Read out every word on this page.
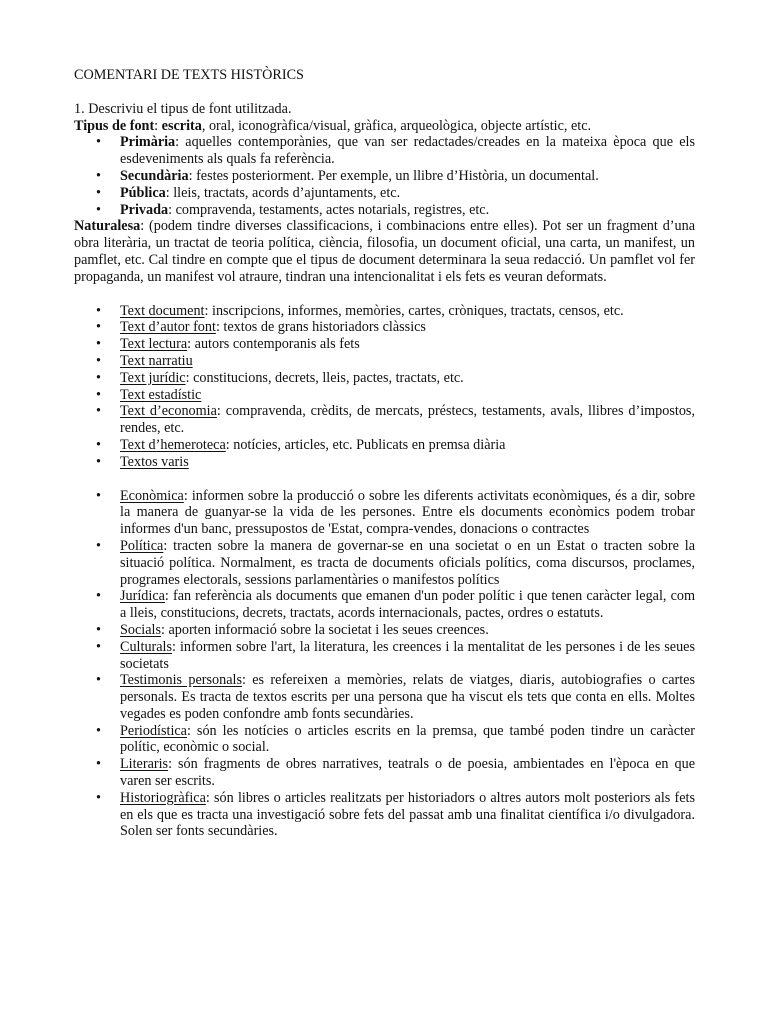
COMENTARI DE TEXTS HISTÒRICS

1. Descriviu el tipus de font utilitzada.

Tipus de font: escrita, oral, iconogràfica/visual, gràfica, arqueològica, objecte artístic, etc.

• Primària: aquelles contemporànies, que van ser redactades/creades en la mateixa època que els esdeveniments als quals fa referència.
• Secundària: festes posteriorment. Per exemple, un llibre d’Història, un documental.
• Pública: lleis, tractats, acords d’ajuntaments, etc.
• Privada: compravenda, testaments, actes notarials, registres, etc.

Naturalesa: (podem tindre diverses classificacions, i combinacions entre elles). Pot ser un fragment d’una obra literària, un tractat de teoria política, ciència, filosofia, un document oficial, una carta, un manifest, un pamflet, etc. Cal tindre en compte que el tipus de document determinara la seua redacció. Un pamflet vol fer propaganda, un manifest vol atraure, tindran una intencionalitat i els fets es veuran deformats.

• Text document: inscripcions, informes, memòries, cartes, cròniques, tractats, censos, etc.
• Text d’autor font: textos de grans historiadors clàssics
• Text lectura: autors contemporanis als fets
• Text narratiu
• Text jurídic: constitucions, decrets, lleis, pactes, tractats, etc.
• Text estadístic
• Text d’economia: compravenda, crèdits, de mercats, préstecs, testaments, avals, llibres d’impostos, rendes, etc.
• Text d’hemeroteca: notícies, articles, etc. Publicats en premsa diària
• Textos varis
• Econòmica: informen sobre la producció o sobre les diferents activitats econòmiques, és a dir, sobre la manera de guanyar-se la vida de les persones. Entre els documents econòmics podem trobar informes d'un banc, pressupostos de 'Estat, compra-vendes, donacions o contractes
• Política: tracten sobre la manera de governar-se en una societat o en un Estat o tracten sobre la situació política. Normalment, es tracta de documents oficials polítics, coma discursos, proclames, programes electorals, sessions parlamentàries o manifestos polítics
• Jurídica: fan referència als documents que emanen d'un poder polític i que tenen caràcter legal, com a lleis, constitucions, decrets, tractats, acords internacionals, pactes, ordres o estatuts.
• Socials: aporten informació sobre la societat i les seues creences.
• Culturals: informen sobre l'art, la literatura, les creences i la mentalitat de les persones i de les seues societats
• Testimonis personals: es refereixen a memòries, relats de viatges, diaris, autobiografies o cartes personals. Es tracta de textos escrits per una persona que ha viscut els tets que conta en ells. Moltes vegades es poden confondre amb fonts secundàries.
• Periodística: són les notícies o articles escrits en la premsa, que també poden tindre un caràcter polític, econòmic o social.
• Literaris: són fragments de obres narratives, teatrals o de poesia, ambientades en l'època en que varen ser escrits.
• Historiogràfica: són libres o articles realitzats per historiadors o altres autors molt posteriors als fets en els que es tracta una investigació sobre fets del passat amb una finalitat científica i/o divulgadora. Solen ser fonts secundàries.
